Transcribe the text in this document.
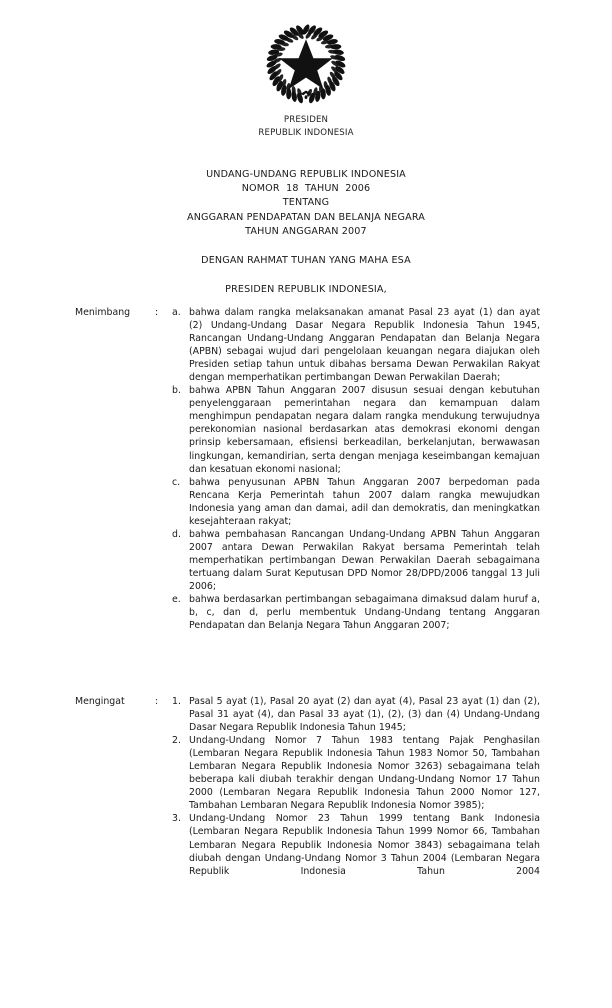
PRESIDEN
REPUBLIK INDONESIA
UNDANG-UNDANG REPUBLIK INDONESIA
NOMOR  18  TAHUN  2006
TENTANG
ANGGARAN PENDAPATAN DAN BELANJA NEGARA
TAHUN ANGGARAN 2007
DENGAN RAHMAT TUHAN YANG MAHA ESA
PRESIDEN REPUBLIK INDONESIA,
Menimbang	:	a. bahwa dalam rangka melaksanakan amanat Pasal 23 ayat (1) dan ayat (2) Undang-Undang Dasar Negara Republik Indonesia Tahun 1945, Rancangan Undang-Undang Anggaran Pendapatan dan Belanja Negara (APBN) sebagai wujud dari pengelolaan keuangan negara diajukan oleh Presiden setiap tahun untuk dibahas bersama Dewan Perwakilan Rakyat dengan memperhatikan pertimbangan Dewan Perwakilan Daerah;
b. bahwa APBN Tahun Anggaran 2007 disusun sesuai dengan kebutuhan penyelenggaraan pemerintahan negara dan kemampuan dalam menghimpun pendapatan negara dalam rangka mendukung terwujudnya perekonomian nasional berdasarkan atas demokrasi ekonomi dengan prinsip kebersamaan, efisiensi berkeadilan, berkelanjutan, berwawasan lingkungan, kemandirian, serta dengan menjaga keseimbangan kemajuan dan kesatuan ekonomi nasional;
c. bahwa penyusunan APBN Tahun Anggaran 2007 berpedoman pada Rencana Kerja Pemerintah tahun 2007 dalam rangka mewujudkan Indonesia yang aman dan damai, adil dan demokratis, dan meningkatkan kesejahteraan rakyat;
d. bahwa pembahasan Rancangan Undang-Undang APBN Tahun Anggaran 2007 antara Dewan Perwakilan Rakyat bersama Pemerintah telah memperhatikan pertimbangan Dewan Perwakilan Daerah sebagaimana tertuang dalam Surat Keputusan DPD Nomor 28/DPD/2006 tanggal 13 Juli 2006;
e. bahwa berdasarkan pertimbangan sebagaimana dimaksud dalam huruf a, b, c, dan d, perlu membentuk Undang-Undang tentang Anggaran Pendapatan dan Belanja Negara Tahun Anggaran 2007;
Mengingat	:	1. Pasal 5 ayat (1), Pasal 20 ayat (2) dan ayat (4), Pasal 23 ayat (1) dan (2), Pasal 31 ayat (4), dan Pasal 33 ayat (1), (2), (3) dan (4) Undang-Undang Dasar Negara Republik Indonesia Tahun 1945;
2. Undang-Undang Nomor 7 Tahun 1983 tentang Pajak Penghasilan (Lembaran Negara Republik Indonesia Tahun 1983 Nomor 50, Tambahan Lembaran Negara Republik Indonesia Nomor 3263) sebagaimana telah beberapa kali diubah terakhir dengan Undang-Undang Nomor 17 Tahun 2000 (Lembaran Negara Republik Indonesia Tahun 2000 Nomor 127, Tambahan Lembaran Negara Republik Indonesia Nomor 3985);
3. Undang-Undang Nomor 23 Tahun 1999 tentang Bank Indonesia (Lembaran Negara Republik Indonesia Tahun 1999 Nomor 66, Tambahan Lembaran Negara Republik Indonesia Nomor 3843) sebagaimana telah diubah dengan Undang-Undang Nomor 3 Tahun 2004 (Lembaran Negara Republik Indonesia Tahun 2004
